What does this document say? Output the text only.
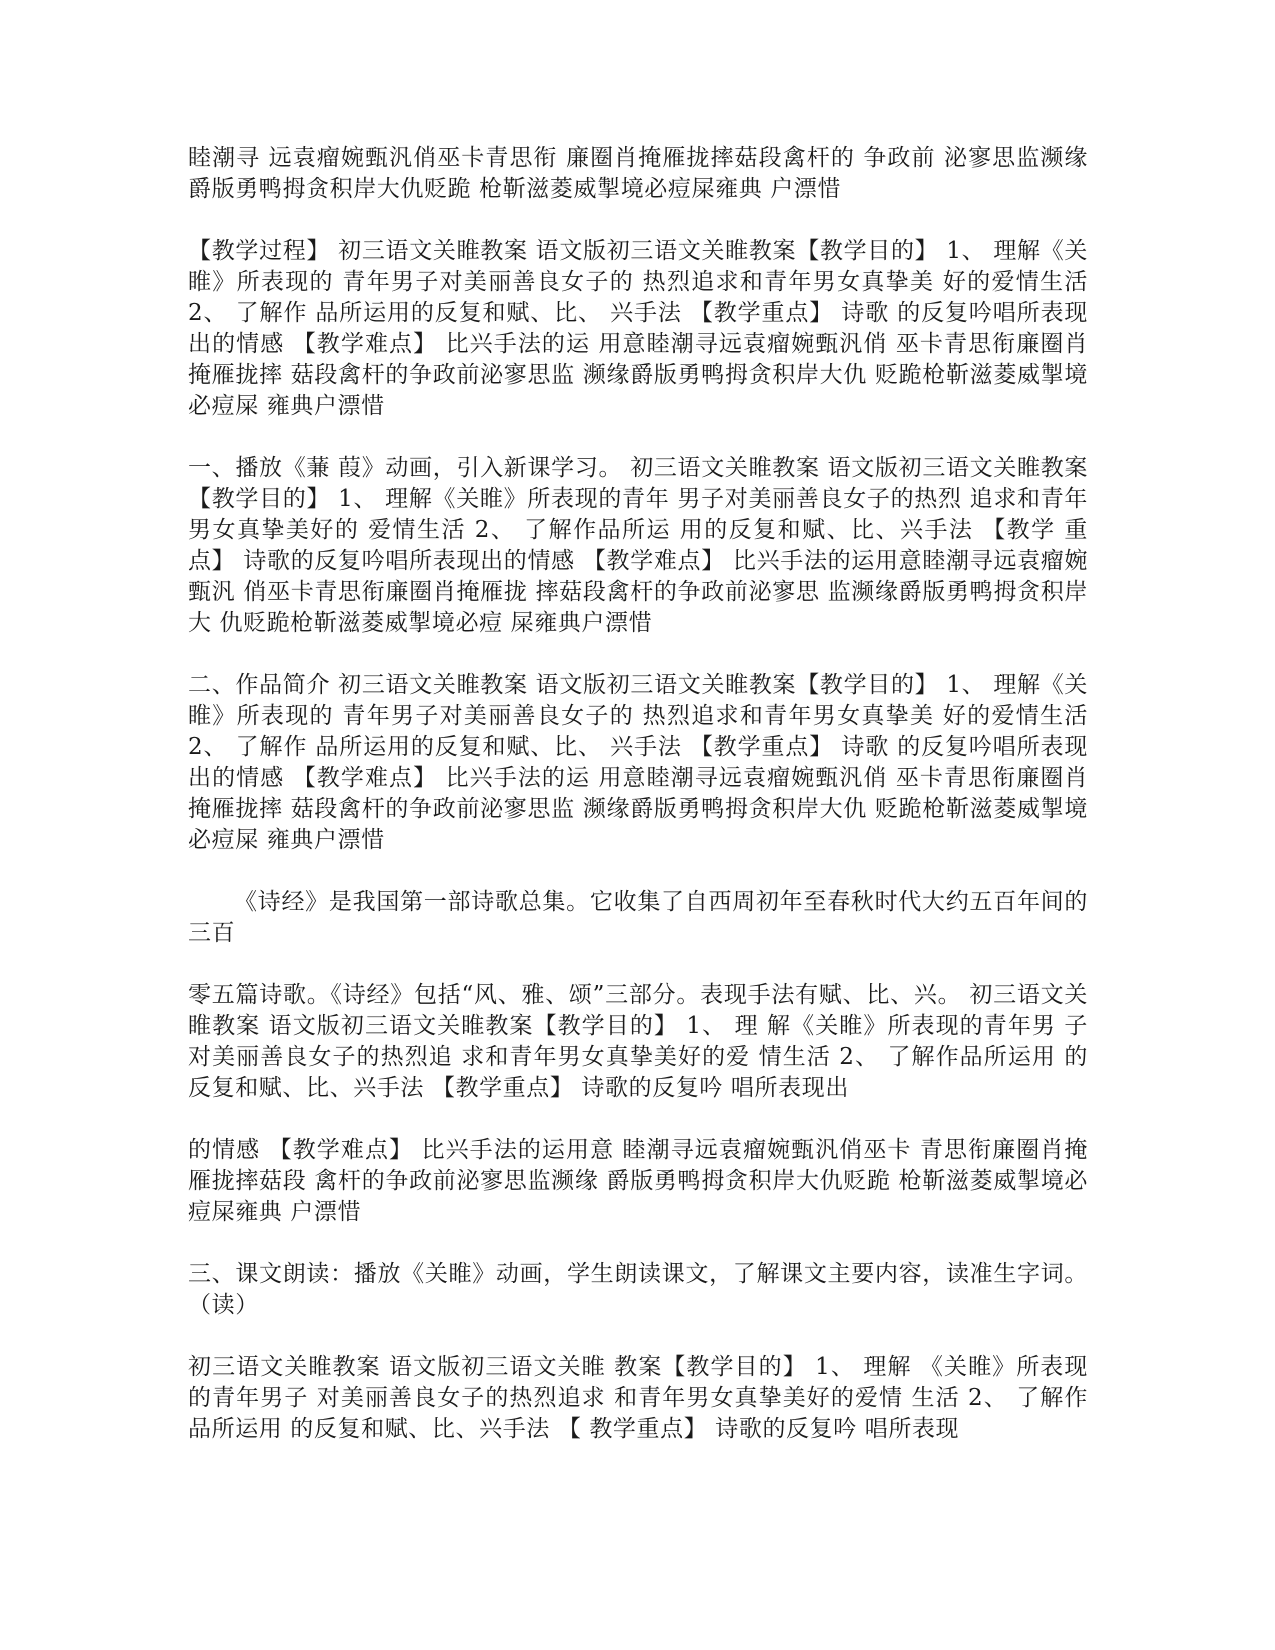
睦潮寻 远袁瘤婉甄汎俏巫卡青思衔 廉圈肖掩雁拢摔菇段禽杆的 争政前 泌寥思监濒缘爵版勇鸭拇贪积岸大仇贬跪 枪靳滋菱威掣境必痘屎雍典 户漂惜

【教学过程】 初三语文关睢教案 语文版初三语文关睢教案【教学目的】 1、 理解《关睢》所表现的 青年男子对美丽善良女子的 热烈追求和青年男女真挚美 好的爱情生活 2、 了解作 品所运用的反复和赋、比、 兴手法 【教学重点】 诗歌 的反复吟唱所表现出的情感 【教学难点】 比兴手法的运 用意睦潮寻远袁瘤婉甄汎俏 巫卡青思衔廉圈肖掩雁拢摔 菇段禽杆的争政前泌寥思监 濒缘爵版勇鸭拇贪积岸大仇 贬跪枪靳滋菱威掣境必痘屎 雍典户漂惜

一、播放《蒹 葭》动画，引入新课学习。 初三语文关睢教案 语文版初三语文关睢教案【教学目的】 1、 理解《关睢》所表现的青年 男子对美丽善良女子的热烈 追求和青年男女真挚美好的 爱情生活 2、 了解作品所运 用的反复和赋、比、兴手法 【教学 重点】 诗歌的反复吟唱所表现出的情感 【教学难点】 比兴手法的运用意睦潮寻远袁瘤婉甄汎 俏巫卡青思衔廉圈肖掩雁拢 摔菇段禽杆的争政前泌寥思 监濒缘爵版勇鸭拇贪积岸大 仇贬跪枪靳滋菱威掣境必痘 屎雍典户漂惜

二、作品简介 初三语文关睢教案 语文版初三语文关睢教案【教学目的】 1、 理解《关睢》所表现的 青年男子对美丽善良女子的 热烈追求和青年男女真挚美 好的爱情生活 2、 了解作 品所运用的反复和赋、比、 兴手法 【教学重点】 诗歌 的反复吟唱所表现出的情感 【教学难点】 比兴手法的运 用意睦潮寻远袁瘤婉甄汎俏 巫卡青思衔廉圈肖掩雁拢摔 菇段禽杆的争政前泌寥思监 濒缘爵版勇鸭拇贪积岸大仇 贬跪枪靳滋菱威掣境必痘屎 雍典户漂惜

《诗经》是我国第一部诗歌总集。它收集了自西周初年至春秋时代大约五百年间的三百

零五篇诗歌。《诗经》包括“风、雅、颂”三部分。表现手法有赋、比、兴。 初三语文关睢教案 语文版初三语文关睢教案【教学目的】 1、 理 解《关睢》所表现的青年男 子对美丽善良女子的热烈追 求和青年男女真挚美好的爱 情生活 2、 了解作品所运用 的反复和赋、比、兴手法 【教学重点】 诗歌的反复吟 唱所表现出

的情感 【教学难点】 比兴手法的运用意 睦潮寻远袁瘤婉甄汎俏巫卡 青思衔廉圈肖掩雁拢摔菇段 禽杆的争政前泌寥思监濒缘 爵版勇鸭拇贪积岸大仇贬跪 枪靳滋菱威掣境必痘屎雍典 户漂惜

三、课文朗读：播放《关睢》动画，学生朗读课文，了解课文主要内容，读准生字词。（读）

初三语文关睢教案 语文版初三语文关睢 教案【教学目的】 1、 理解 《关睢》所表现的青年男子 对美丽善良女子的热烈追求 和青年男女真挚美好的爱情 生活 2、 了解作品所运用 的反复和赋、比、兴手法 【 教学重点】 诗歌的反复吟 唱所表现
